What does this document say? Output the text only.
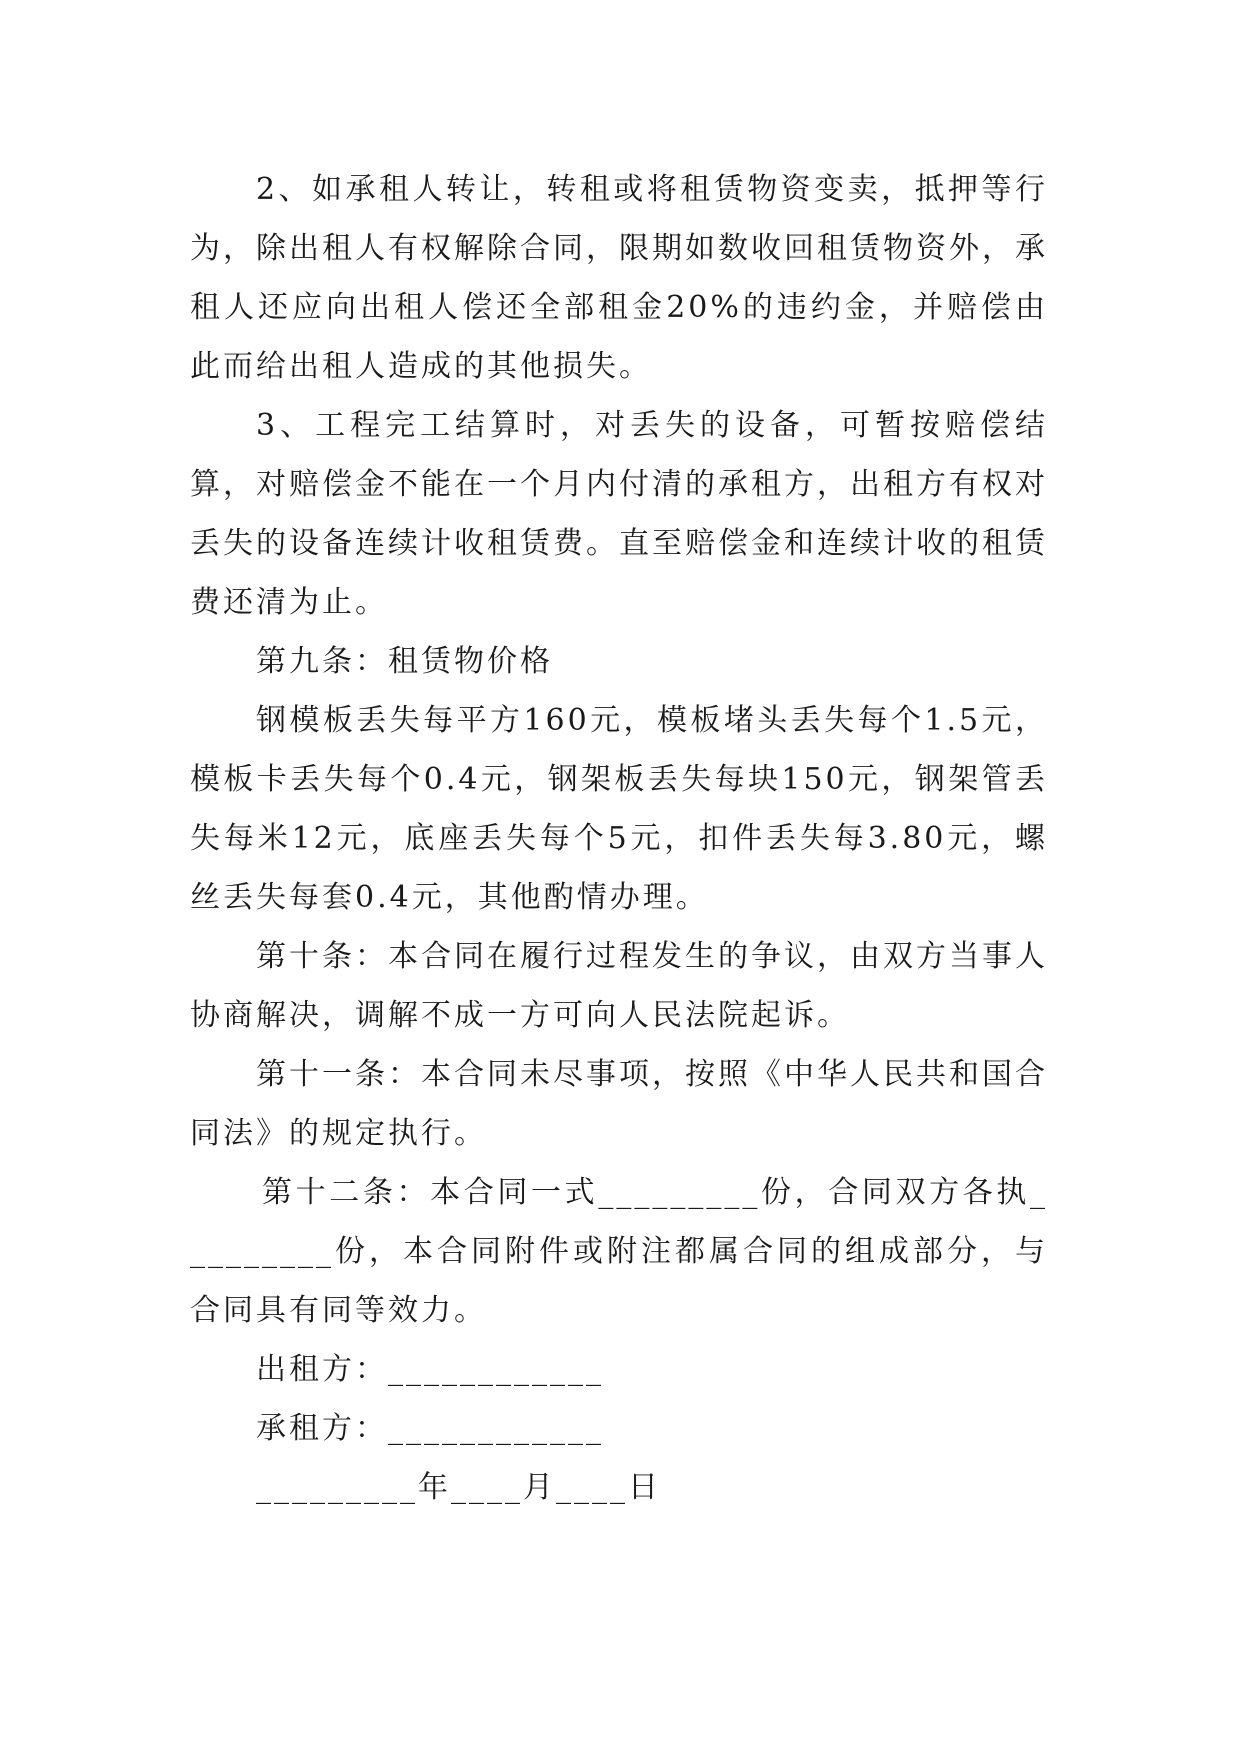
2、如承租人转让，转租或将租赁物资变卖，抵押等行为，除出租人有权解除合同，限期如数收回租赁物资外，承租人还应向出租人偿还全部租金20%的违约金，并赔偿由此而给出租人造成的其他损失。

3、工程完工结算时，对丢失的设备，可暂按赔偿结算，对赔偿金不能在一个月内付清的承租方，出租方有权对丢失的设备连续计收租赁费。直至赔偿金和连续计收的租赁费还清为止。

第九条：租赁物价格

钢模板丢失每平方160元，模板堵头丢失每个1.5元，模板卡丢失每个0.4元，钢架板丢失每块150元，钢架管丢失每米12元，底座丢失每个5元，扣件丢失每3.80元，螺丝丢失每套0.4元，其他酌情办理。

第十条：本合同在履行过程发生的争议，由双方当事人协商解决，调解不成一方可向人民法院起诉。

第十一条：本合同未尽事项，按照《中华人民共和国合同法》的规定执行。

第十二条：本合同一式_________份，合同双方各执_________份，本合同附件或附注都属合同的组成部分，与合同具有同等效力。

出租方：____________

承租方：____________

_________年____月____日
